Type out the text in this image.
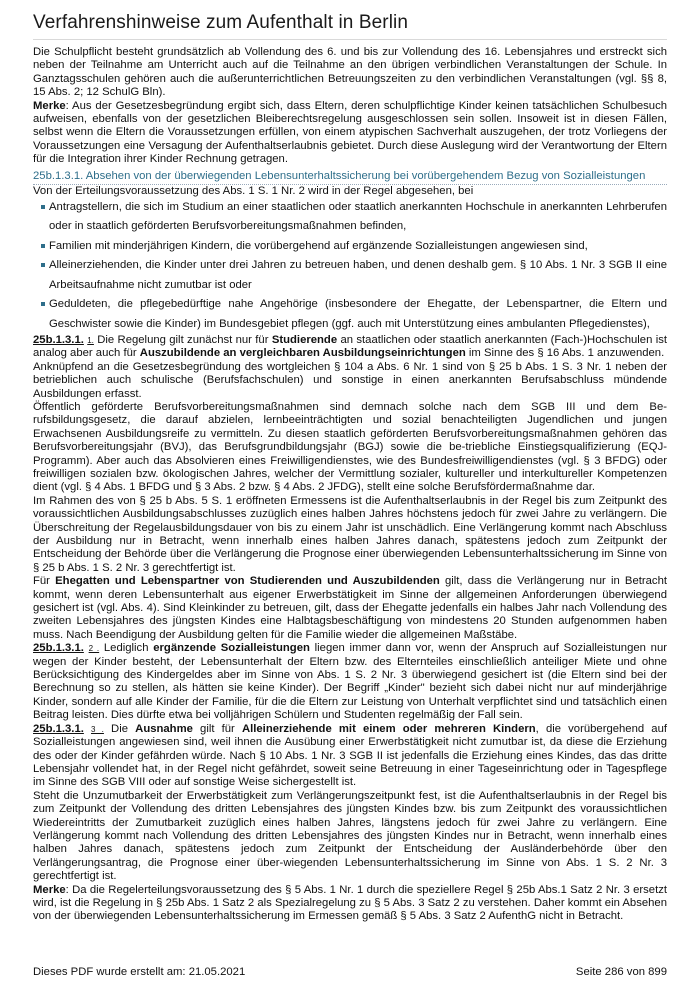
Verfahrenshinweise zum Aufenthalt in Berlin

Die Schulpflicht besteht grundsätzlich ab Vollendung des 6. und bis zur Vollendung des 16. Lebensjahres und erstreckt sich neben der Teilnahme am Unterricht auch auf die Teilnahme an den übrigen verbindlichen Veranstaltungen der Schule. In Ganztagsschulen gehören auch die außerunterrichtlichen Betreuungszeiten zu den verbindlichen Veranstaltungen (vgl. §§ 8, 15 Abs. 2; 12 SchulG Bln).

Merke: Aus der Gesetzesbegründung ergibt sich, dass Eltern, deren schulpflichtige Kinder keinen tatsächlichen Schulbesuch aufweisen, ebenfalls von der gesetzlichen Bleiberechtsregelung ausgeschlossen sein sollen. Insoweit ist in diesen Fällen, selbst wenn die Eltern die Voraussetzungen erfüllen, von einem atypischen Sachverhalt auszugehen, der trotz Vorliegens der Voraussetzungen eine Versagung der Aufenthaltserlaubnis gebietet. Durch diese Auslegung wird der Verantwortung der Eltern für die Integration ihrer Kinder Rechnung getragen.

25b.1.3.1. Absehen von der überwiegenden Lebensunterhaltssicherung bei vorübergehendem Bezug von Sozialleistungen

Von der Erteilungsvoraussetzung des Abs. 1 S. 1 Nr. 2 wird in der Regel abgesehen, bei

Antragstellern, die sich im Studium an einer staatlichen oder staatlich anerkannten Hochschule in anerkannten Lehrberufen oder in staatlich geförderten Berufsvorbereitungsmaßnahmen befinden,
Familien mit minderjährigen Kindern, die vorübergehend auf ergänzende Sozialleistungen angewiesen sind,
Alleinerziehenden, die Kinder unter drei Jahren zu betreuen haben, und denen deshalb gem. § 10 Abs. 1 Nr. 3 SGB II eine Arbeitsaufnahme nicht zumutbar ist oder
Geduldeten, die pflegebedürftige nahe Angehörige (insbesondere der Ehegatte, der Lebenspartner, die Eltern und Geschwister sowie die Kinder) im Bundesgebiet pflegen (ggf. auch mit Unterstützung eines ambulanten Pflegedienstes),

25b.1.3.1. 1. Die Regelung gilt zunächst nur für Studierende an staatlichen oder staatlich anerkannten (Fach-)Hochschulen ist analog aber auch für Auszubildende an vergleichbaren Ausbildungseinrichtungen im Sinne des § 16 Abs. 1 anzuwenden.

Anknüpfend an die Gesetzesbegründung des wortgleichen § 104 a Abs. 6 Nr. 1 sind von § 25 b Abs. 1 S. 3 Nr. 1 neben der betrieblichen auch schulische (Berufsfachschulen) und sonstige in einen anerkannten Berufsabschluss mündende Ausbildungen erfasst.

Öffentlich geförderte Berufsvorbereitungsmaßnahmen sind demnach solche nach dem SGB III und dem Be-rufsbildungsgesetz, die darauf abzielen, lernbeeinträchtigten und sozial benachteiligten Jugendlichen und jungen Erwachsenen Ausbildungsreife zu vermitteln. Zu diesen staatlich geförderten Berufsvorbereitungsmaßnahmen gehören das Berufsvorbereitungsjahr (BVJ), das Berufsgrundbildungsjahr (BGJ) sowie die be-triebliche Einstiegsqualifizierung (EQJ-Programm). Aber auch das Absolvieren eines Freiwilligendienstes, wie des Bundesfreiwilligendienstes (vgl. § 3 BFDG) oder freiwilligen sozialen bzw. ökologischen Jahres, welcher der Vermittlung sozialer, kultureller und interkultureller Kompetenzen dient (vgl. § 4 Abs. 1 BFDG und § 3 Abs. 2 bzw. § 4 Abs. 2 JFDG), stellt eine solche Berufsfördermaßnahme dar.

Im Rahmen des von § 25 b Abs. 5 S. 1 eröffneten Ermessens ist die Aufenthaltserlaubnis in der Regel bis zum Zeitpunkt des voraussichtlichen Ausbildungsabschlusses zuzüglich eines halben Jahres höchstens jedoch für zwei Jahre zu verlängern. Die Überschreitung der Regelausbildungsdauer von bis zu einem Jahr ist unschädlich. Eine Verlängerung kommt nach Abschluss der Ausbildung nur in Betracht, wenn innerhalb eines halben Jahres danach, spätestens jedoch zum Zeitpunkt der Entscheidung der Behörde über die Verlängerung die Prognose einer überwiegenden Lebensunterhaltssicherung im Sinne von § 25 b Abs. 1 S. 2 Nr. 3 gerechtfertigt ist.

Für Ehegatten und Lebenspartner von Studierenden und Auszubildenden gilt, dass die Verlängerung nur in Betracht kommt, wenn deren Lebensunterhalt aus eigener Erwerbstätigkeit im Sinne der allgemeinen Anforderungen überwiegend gesichert ist (vgl. Abs. 4). Sind Kleinkinder zu betreuen, gilt, dass der Ehegatte jedenfalls ein halbes Jahr nach Vollendung des zweiten Lebensjahres des jüngsten Kindes eine Halbtagsbeschäftigung von mindestens 20 Stunden aufgenommen haben muss. Nach Beendigung der Ausbildung gelten für die Familie wieder die allgemeinen Maßstäbe.

25b.1.3.1. 2 . Lediglich ergänzende Sozialleistungen liegen immer dann vor, wenn der Anspruch auf Sozialleistungen nur wegen der Kinder besteht, der Lebensunterhalt der Eltern bzw. des Elternteiles einschließlich anteiliger Miete und ohne Berücksichtigung des Kindergeldes aber im Sinne von Abs. 1 S. 2 Nr. 3 überwiegend gesichert ist (die Eltern sind bei der Berechnung so zu stellen, als hätten sie keine Kinder). Der Begriff „Kinder" bezieht sich dabei nicht nur auf minderjährige Kinder, sondern auf alle Kinder der Familie, für die die Eltern zur Leistung von Unterhalt verpflichtet sind und tatsächlich einen Beitrag leisten. Dies dürfte etwa bei volljährigen Schülern und Studenten regelmäßig der Fall sein.

25b.1.3.1. 3 . Die Ausnahme gilt für Alleinerziehende mit einem oder mehreren Kindern, die vorübergehend auf Sozialleistungen angewiesen sind, weil ihnen die Ausübung einer Erwerbstätigkeit nicht zumutbar ist, da diese die Erziehung des oder der Kinder gefährden würde. Nach § 10 Abs. 1 Nr. 3 SGB II ist jedenfalls die Erziehung eines Kindes, das das dritte Lebensjahr vollendet hat, in der Regel nicht gefährdet, soweit seine Betreuung in einer Tageseinrichtung oder in Tagespflege im Sinne des SGB VIII oder auf sonstige Weise sichergestellt ist.

Steht die Unzumutbarkeit der Erwerbstätigkeit zum Verlängerungszeitpunkt fest, ist die Aufenthaltserlaubnis in der Regel bis zum Zeitpunkt der Vollendung des dritten Lebensjahres des jüngsten Kindes bzw. bis zum Zeitpunkt des voraussichtlichen Wiedereintritts der Zumutbarkeit zuzüglich eines halben Jahres, längstens jedoch für zwei Jahre zu verlängern. Eine Verlängerung kommt nach Vollendung des dritten Lebensjahres des jüngsten Kindes nur in Betracht, wenn innerhalb eines halben Jahres danach, spätestens jedoch zum Zeitpunkt der Entscheidung der Ausländerbehörde über den Verlängerungsantrag, die Prognose einer über-wiegenden Lebensunterhaltssicherung im Sinne von Abs. 1 S. 2 Nr. 3 gerechtfertigt ist.

Merke: Da die Regelerteilungsvoraussetzung des § 5 Abs. 1 Nr. 1 durch die speziellere Regel § 25b Abs.1 Satz 2 Nr. 3 ersetzt wird, ist die Regelung in § 25b Abs. 1 Satz 2 als Spezialregelung zu § 5 Abs. 3 Satz 2 zu verstehen. Daher kommt ein Absehen von der überwiegenden Lebensunterhaltssicherung im Ermessen gemäß § 5 Abs. 3 Satz 2 AufenthG nicht in Betracht.

Dieses PDF wurde erstellt am: 21.05.2021	Seite 286 von 899
